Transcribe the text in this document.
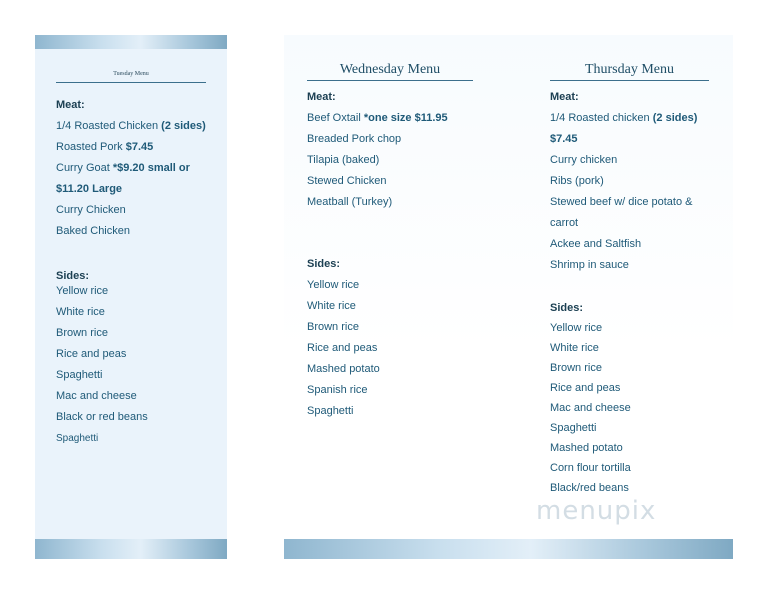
Tuesday Menu
Meat:
1/4 Roasted Chicken (2 sides)
Roasted Pork $7.45
Curry Goat *$9.20 small or
$11.20 Large
Curry Chicken
Baked Chicken
Sides:
Yellow rice
White rice
Brown rice
Rice and peas
Spaghetti
Mac and cheese
Black or red beans
Spaghetti
Wednesday Menu
Meat:
Beef Oxtail *one size $11.95
Breaded Pork chop
Tilapia (baked)
Stewed Chicken
Meatball (Turkey)
Sides:
Yellow rice
White rice
Brown rice
Rice and peas
Mashed potato
Spanish rice
Spaghetti
Thursday Menu
Meat:
1/4 Roasted chicken (2 sides)
$7.45
Curry chicken
Ribs (pork)
Stewed beef w/ dice potato &
carrot
Ackee and Saltfish
Shrimp in sauce
Sides:
Yellow rice
White rice
Brown rice
Rice and peas
Mac and cheese
Spaghetti
Mashed potato
Corn flour tortilla
Black/red beans
menupix
